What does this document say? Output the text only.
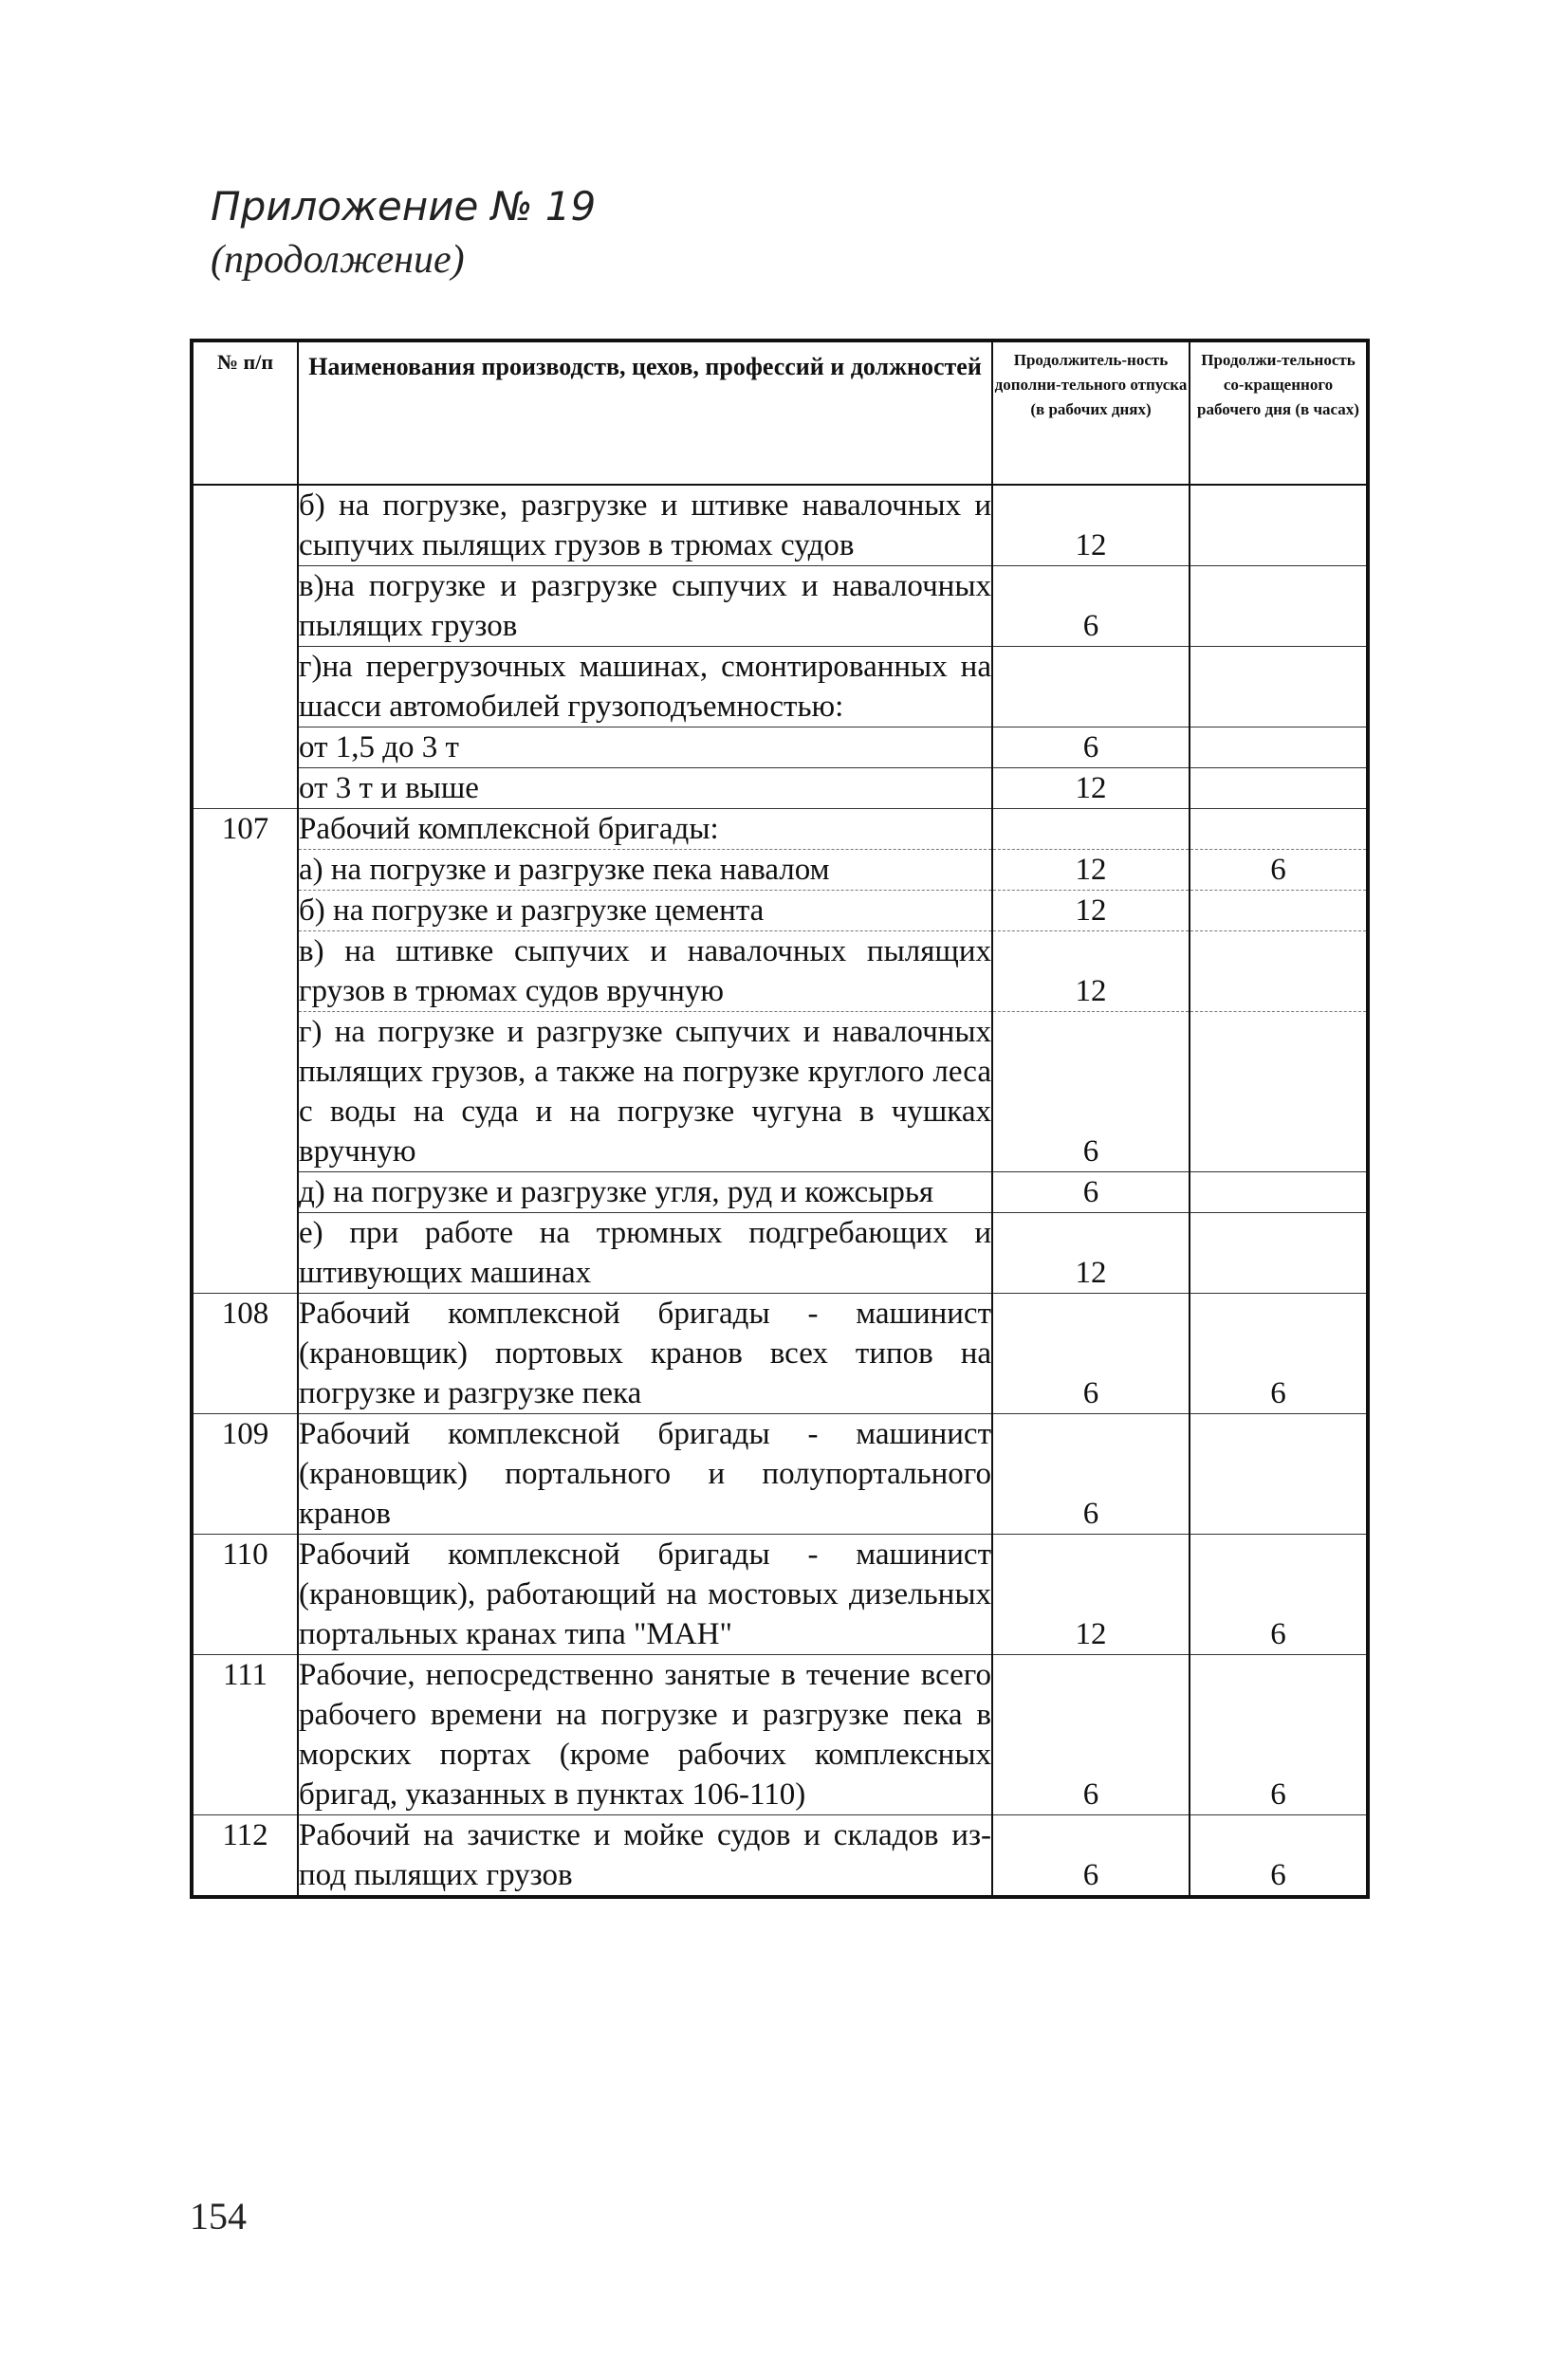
Приложение № 19
(продолжение)
№ п/п	Наименования производств, цехов, профессий и должностей	Продолжитель-ность дополни-тельного отпуска (в рабочих днях)	Продолжи-тельность со-кращенного рабочего дня (в часах)
	б) на погрузке, разгрузке и штивке навалочных и сыпучих пылящих грузов в трюмах судов	12	
	в)на погрузке и разгрузке сыпучих и навалочных пылящих грузов	6	
	г)на перегрузочных машинах, смонтированных на шасси автомобилей грузоподъемностью:		
	от 1,5 до 3 т	6	
	от 3 т и выше	12	
107	Рабочий комплексной бригады:		
	а) на погрузке и разгрузке пека навалом	12	6
	б) на погрузке и разгрузке цемента	12	
	в) на штивке сыпучих и навалочных пылящих грузов в трюмах судов вручную	12	
	г) на погрузке и разгрузке сыпучих и навалочных пылящих грузов, а также на погрузке круглого леса с воды на суда и на погрузке чугуна в чушках вручную	6	
	д) на погрузке и разгрузке угля, руд и кожсырья	6	
	е) при работе на трюмных подгребающих и штивующих машинах	12	
108	Рабочий комплексной бригады - машинист (крановщик) портовых кранов всех типов на погрузке и разгрузке пека	6	6
109	Рабочий комплексной бригады - машинист (крановщик) портального и полупортального кранов	6	
110	Рабочий комплексной бригады - машинист (крановщик), работающий на мостовых дизельных портальных кранах типа "МАН"	12	6
111	Рабочие, непосредственно занятые в течение всего рабочего времени на погрузке и разгрузке пека в морских портах (кроме рабочих комплексных бригад, указанных в пунктах 106-110)	6	6
112	Рабочий на зачистке и мойке судов и складов из-под пылящих грузов	6	6
154
